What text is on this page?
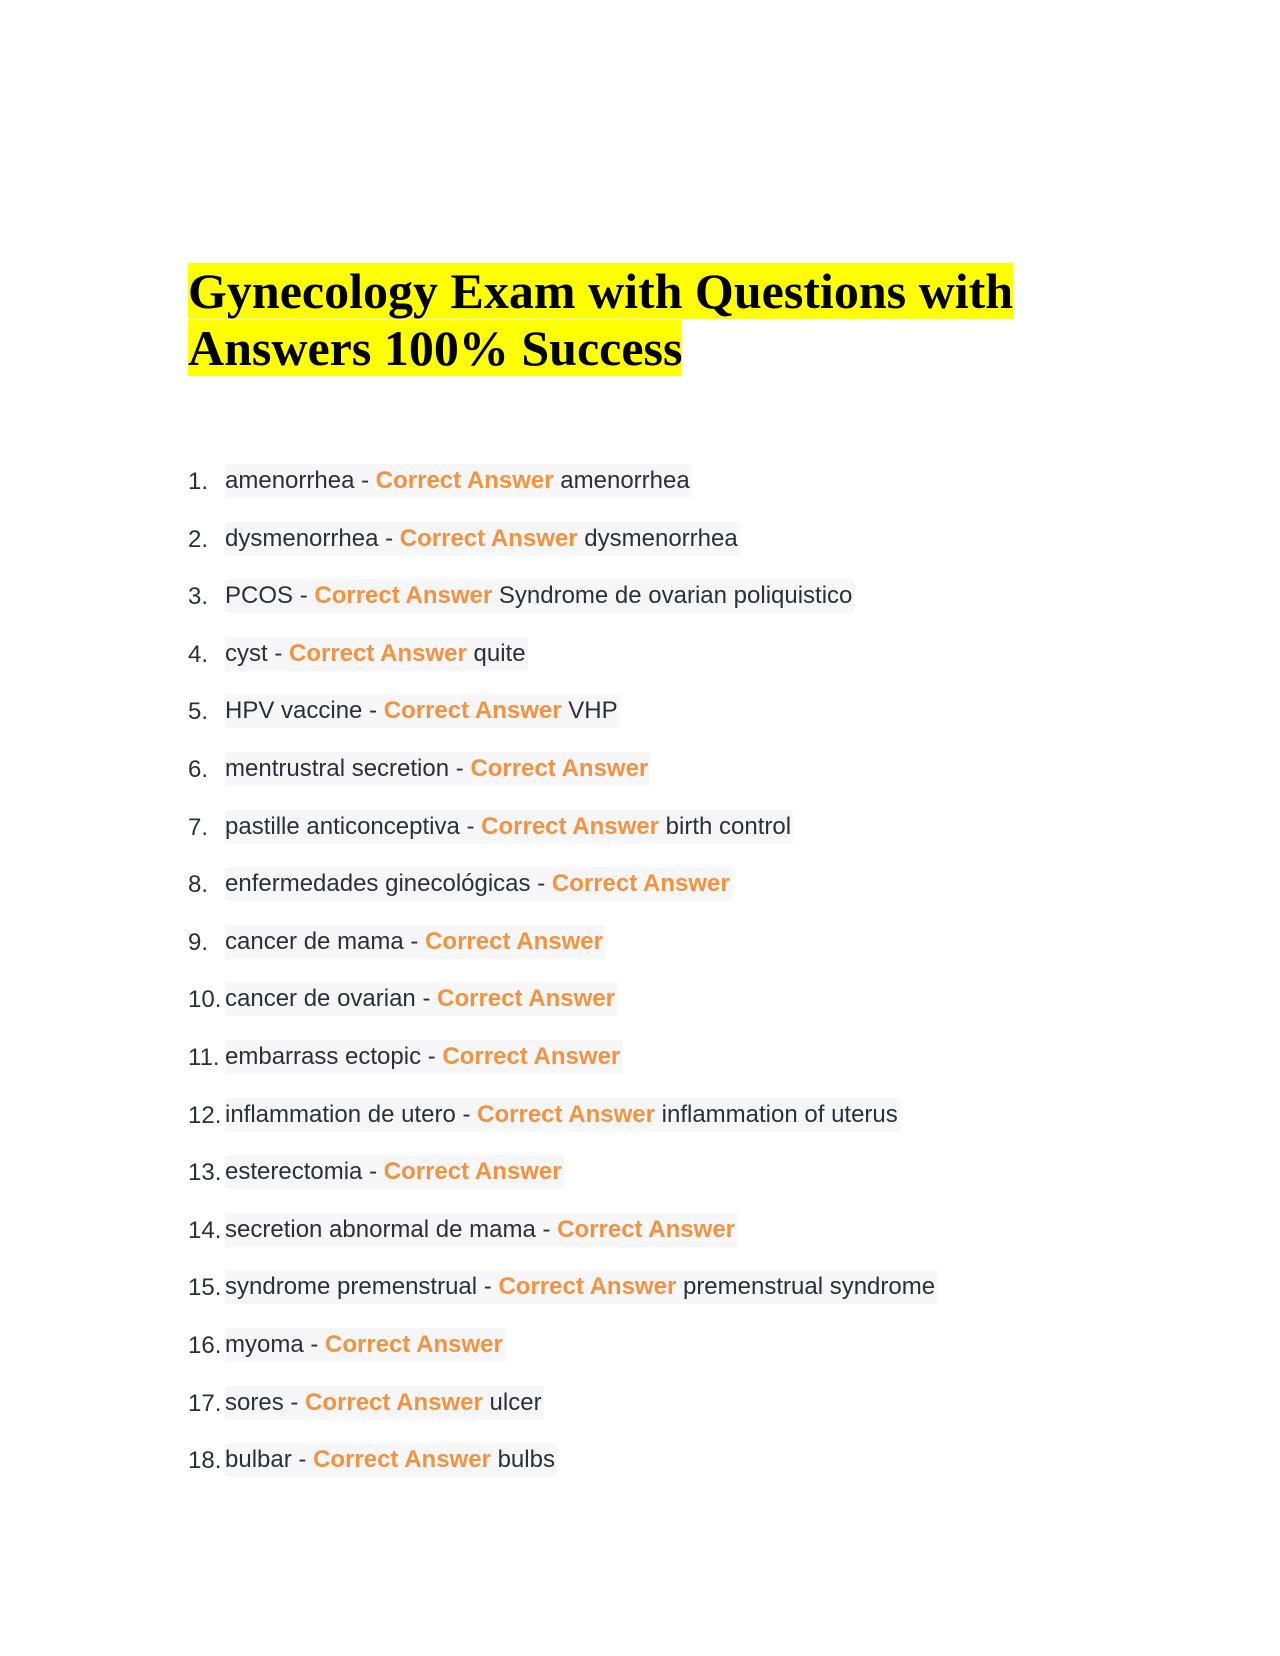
Gynecology Exam with Questions with Answers 100% Success
1. amenorrhea - Correct Answer amenorrhea
2. dysmenorrhea - Correct Answer dysmenorrhea
3. PCOS - Correct Answer Syndrome de ovarian poliquistico
4. cyst - Correct Answer quite
5. HPV vaccine - Correct Answer VHP
6. mentrustral secretion - Correct Answer
7. pastille anticonceptiva - Correct Answer birth control
8. enfermedades ginecológicas - Correct Answer
9. cancer de mama - Correct Answer
10. cancer de ovarian - Correct Answer
11. embarrass ectopic - Correct Answer
12. inflammation de utero - Correct Answer inflammation of uterus
13. esterectomia - Correct Answer
14. secretion abnormal de mama - Correct Answer
15. syndrome premenstrual - Correct Answer premenstrual syndrome
16. myoma - Correct Answer
17. sores - Correct Answer ulcer
18. bulbar - Correct Answer bulbs
